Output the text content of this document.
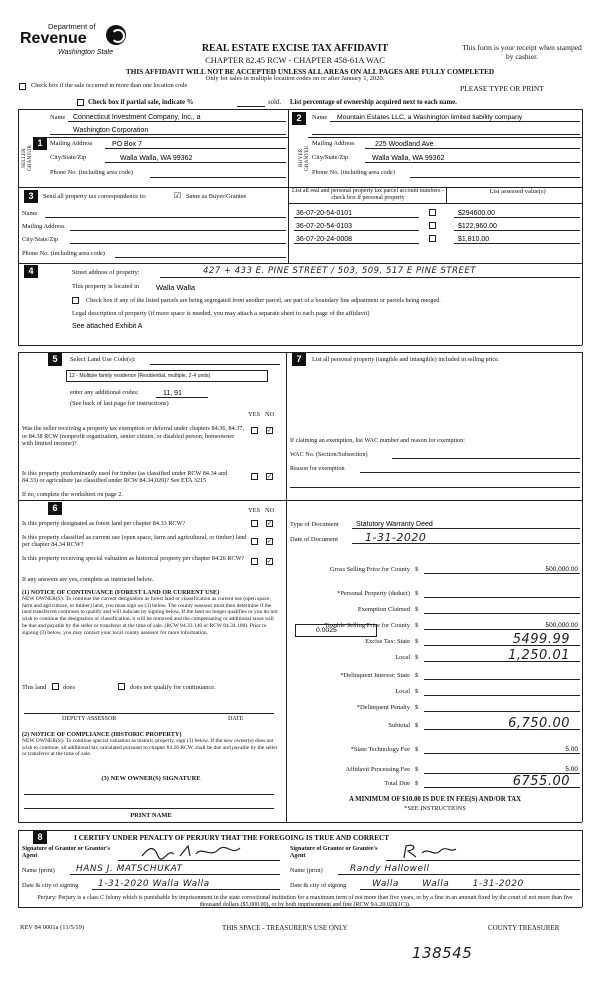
Department of
Revenue
Washington State	REAL ESTATE EXCISE TAX AFFIDAVIT
CHAPTER 82.45 RCW - CHAPTER 458-61A WAC
This form is your receipt when stamped by cashier.
THIS AFFIDAVIT WILL NOT BE ACCEPTED UNLESS ALL AREAS ON ALL PAGES ARE FULLY COMPLETED
Only for sales in multiple location codes on or after January 1, 2020.
Check box if the sale occurred in more than one location code	PLEASE TYPE OR PRINT
Check box if partial sale, indicate %	sold. List percentage of ownership acquired next to each name.
1
SELLER GRANTOR
Name Connecticut Investment Company, Inc., a
Washington Corporation
Mailing Address	PO Box 7
City/State/Zip	Walla Walla, WA 99362
Phone No. (including area code)
2
BUYER GRANTEE
Name Mountain Estates LLC, a Washington limited liability company
Mailing Address	225 Woodland Ave
City/State/Zip	Walla Walla, WA 99362
Phone No. (including area code)
3	Send all property tax correspondence to:	☑ Same as Buyer/Grantee
Name
Mailing Address
City/State/Zip
Phone No. (including area code)
List all real and personal property tax parcel account numbers - check box if personal property
List assessed value(s)
36-07-20-54-0101	$294600.00
36-07-20-54-0103	$122,960.00
36-07-20-24-0008	$1,810.00
4	Street address of property:	427 + 433 E. PINE STREET / 503, 509, 517 E PINE STREET
This property is located in Walla Walla
Check box if any of the listed parcels are being segregated from another parcel, are part of a boundary line adjustment or parcels being merged.
Legal description of property (if more space is needed, you may attach a separate sheet to each page of the affidavit)
See attached Exhibit A
5	Select Land Use Code(s):
12 - Multiple family residence (Residential, multiple, 2-4 units)
enter any additional codes:	11, 91
(See back of last page for instructions)
YES NO
Was the seller receiving a property tax exemption or deferral under chapters 84.36, 84.37, or 84.38 RCW (nonprofit organization, senior citizen, or disabled person, homeowner with limited income)?
✓
Is this property predominantly used for timber (as classified under RCW 84.34 and 84.33) or agriculture (as classified under RCW 84.34.020)? See ETA 3215
✓
If no, complete the worksheet on page 2.
6	YES NO
Is this property designated as forest land per chapter 84.33 RCW?	✓
Is this property classified as current use (open space, farm and agricultural, or timber) land per chapter 84.34 RCW?	✓
Is this property receiving special valuation as historical property per chapter 84.26 RCW?	✓
If any answers are yes, complete as instructed below.
(1) NOTICE OF CONTINUANCE (FOREST LAND OR CURRENT USE)
NEW OWNER(S): To continue the current designation as forest land or classification as current use (open space, farm and agriculture, or timber) land, you must sign on (3) below. The county assessor must then determine if the land transferred continues to qualify and will indicate by signing below. If the land no longer qualifies or you do not wish to continue the designation or classification, it will be removed and the compensating or additional taxes will be due and payable by the seller or transferor at the time of sale. (RCW 84.33.140 or RCW 84.34.108). Prior to signing (3) below, you may contact your local county assessor for more information.
This land	does	does not qualify for continuance.
DEPUTY ASSESSOR	DATE
(2) NOTICE OF COMPLIANCE (HISTORIC PROPERTY)
NEW OWNER(S): To continue special valuation as historic property, sign (3) below. If the new owner(s) does not wish to continue, all additional tax calculated pursuant to chapter 84.26 RCW, shall be due and payable by the seller or transferor at the time of sale.
(3) NEW OWNER(S) SIGNATURE
PRINT NAME
7	List all personal property (tangible and intangible) included in selling price.
If claiming an exemption, list WAC number and reason for exemption:
WAC No. (Section/Subsection)
Reason for exemption
Type of Document Statutory Warranty Deed
Date of Document 1-31-2020
Gross Selling Price for County $	500,000.00
*Personal Property (deduct) $
Exemption Claimed $
Taxable Selling Price for County $	500,000.00
Excise Tax: State $	5499.99
Local $	1,250.01
*Delinquent Interest: State $
Local $
*Delinquent Penalty $
Subtotal $	6,750.00
*State Technology Fee $	5.00
Affidavit Processing Fee $	5.00
Total Due $	6755.00
0.0025
A MINIMUM OF $10.00 IS DUE IN FEE(S) AND/OR TAX
*SEE INSTRUCTIONS
8	I CERTIFY UNDER PENALTY OF PERJURY THAT THE FOREGOING IS TRUE AND CORRECT
Signature of Grantor or Grantor's Agent
Name (print) HANS J. MATSCHUKAT
Date & city of signing 1-31-2020 Walla Walla
Signature of Grantee or Grantee's Agent
Name (print)	Randy Hallowell
Date & city of signing	Walla Walla 1-31-2020
Perjury: Perjury is a class C felony which is punishable by imprisonment in the state correctional institution for a maximum term of not more than five years, or by a fine in an amount fixed by the court of not more than five thousand dollars ($5,000.00), or by both imprisonment and fine (RCW 9A.20.020(1C)).
REV 84 0001a (11/5/19)	THIS SPACE - TREASURER'S USE ONLY	COUNTY TREASURER
138545
